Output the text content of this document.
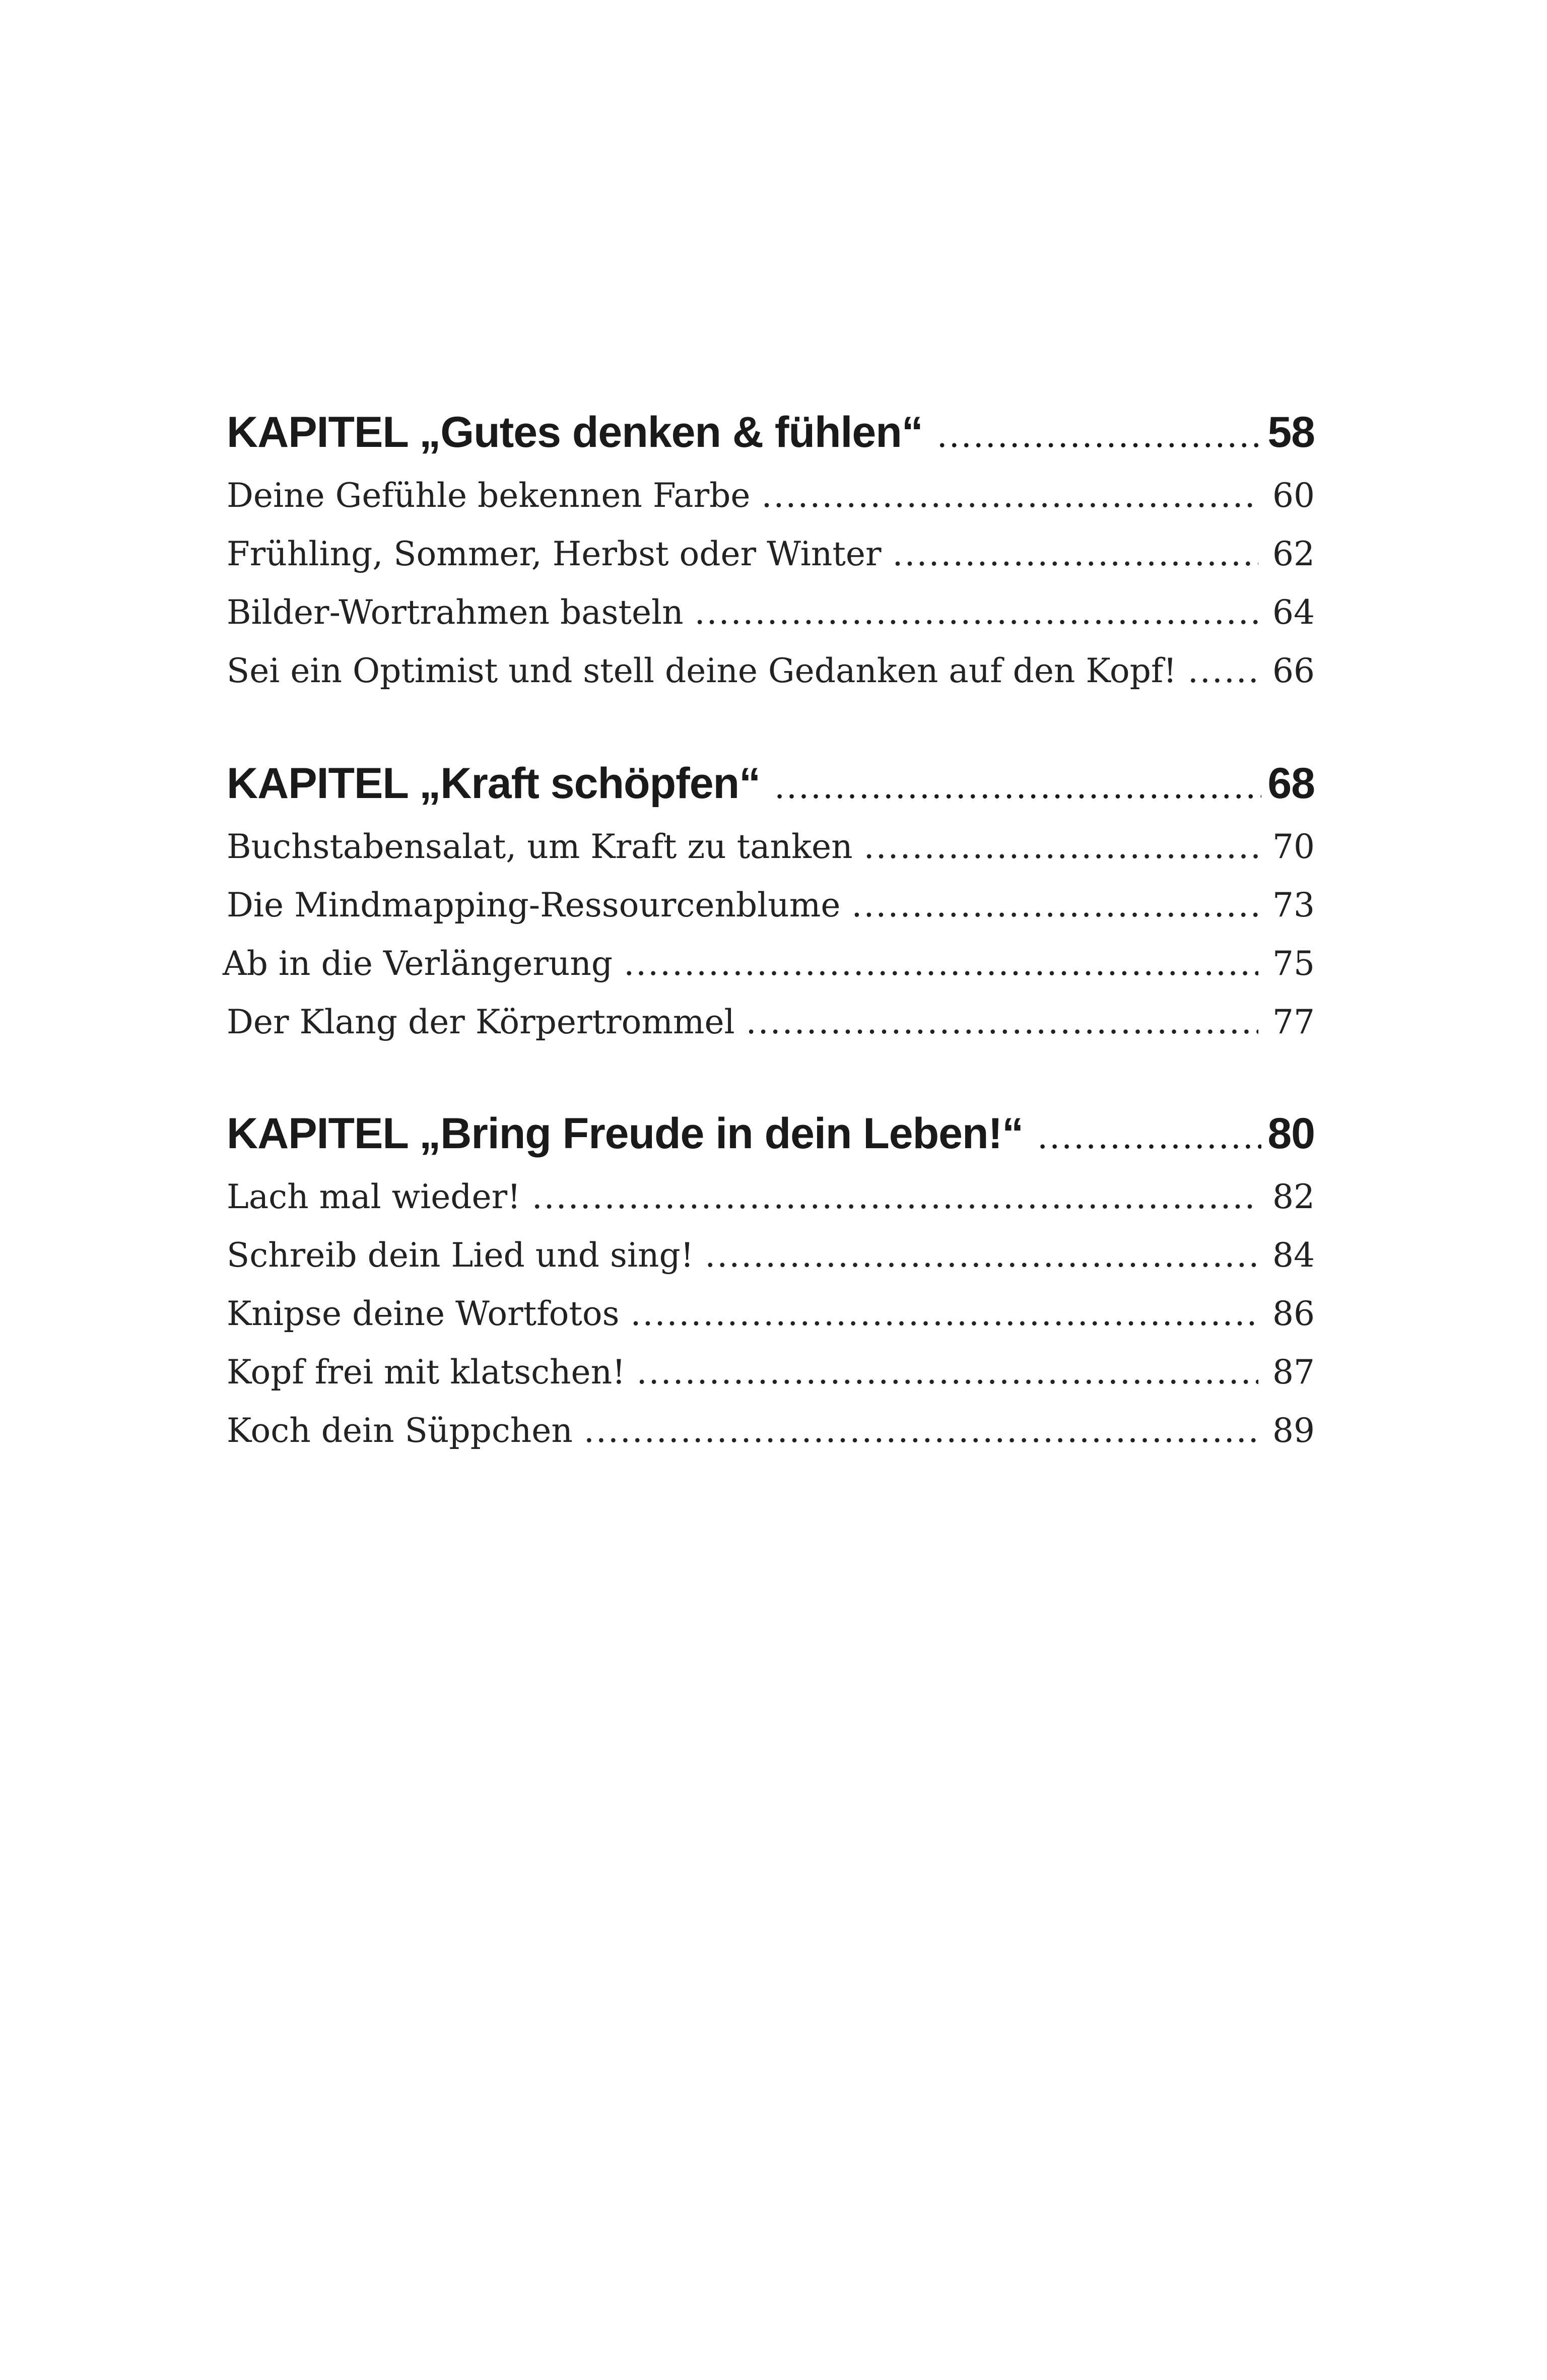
KAPITEL „Gutes denken & fühlen“ .....	58
Deine Gefühle bekennen Farbe .....	60
Frühling, Sommer, Herbst oder Winter .....	62
Bilder-Wortrahmen basteln .....	64
Sei ein Optimist und stell deine Gedanken auf den Kopf! .....	66
KAPITEL „Kraft schöpfen“ .....	68
Buchstabensalat, um Kraft zu tanken .....	70
Die Mindmapping-Ressourcenblume .....	73
Ab in die Verlängerung .....	75
Der Klang der Körpertrommel .....	77
KAPITEL „Bring Freude in dein Leben!“ .....	80
Lach mal wieder! .....	82
Schreib dein Lied und sing! .....	84
Knipse deine Wortfotos .....	86
Kopf frei mit klatschen! .....	87
Koch dein Süppchen .....	89
